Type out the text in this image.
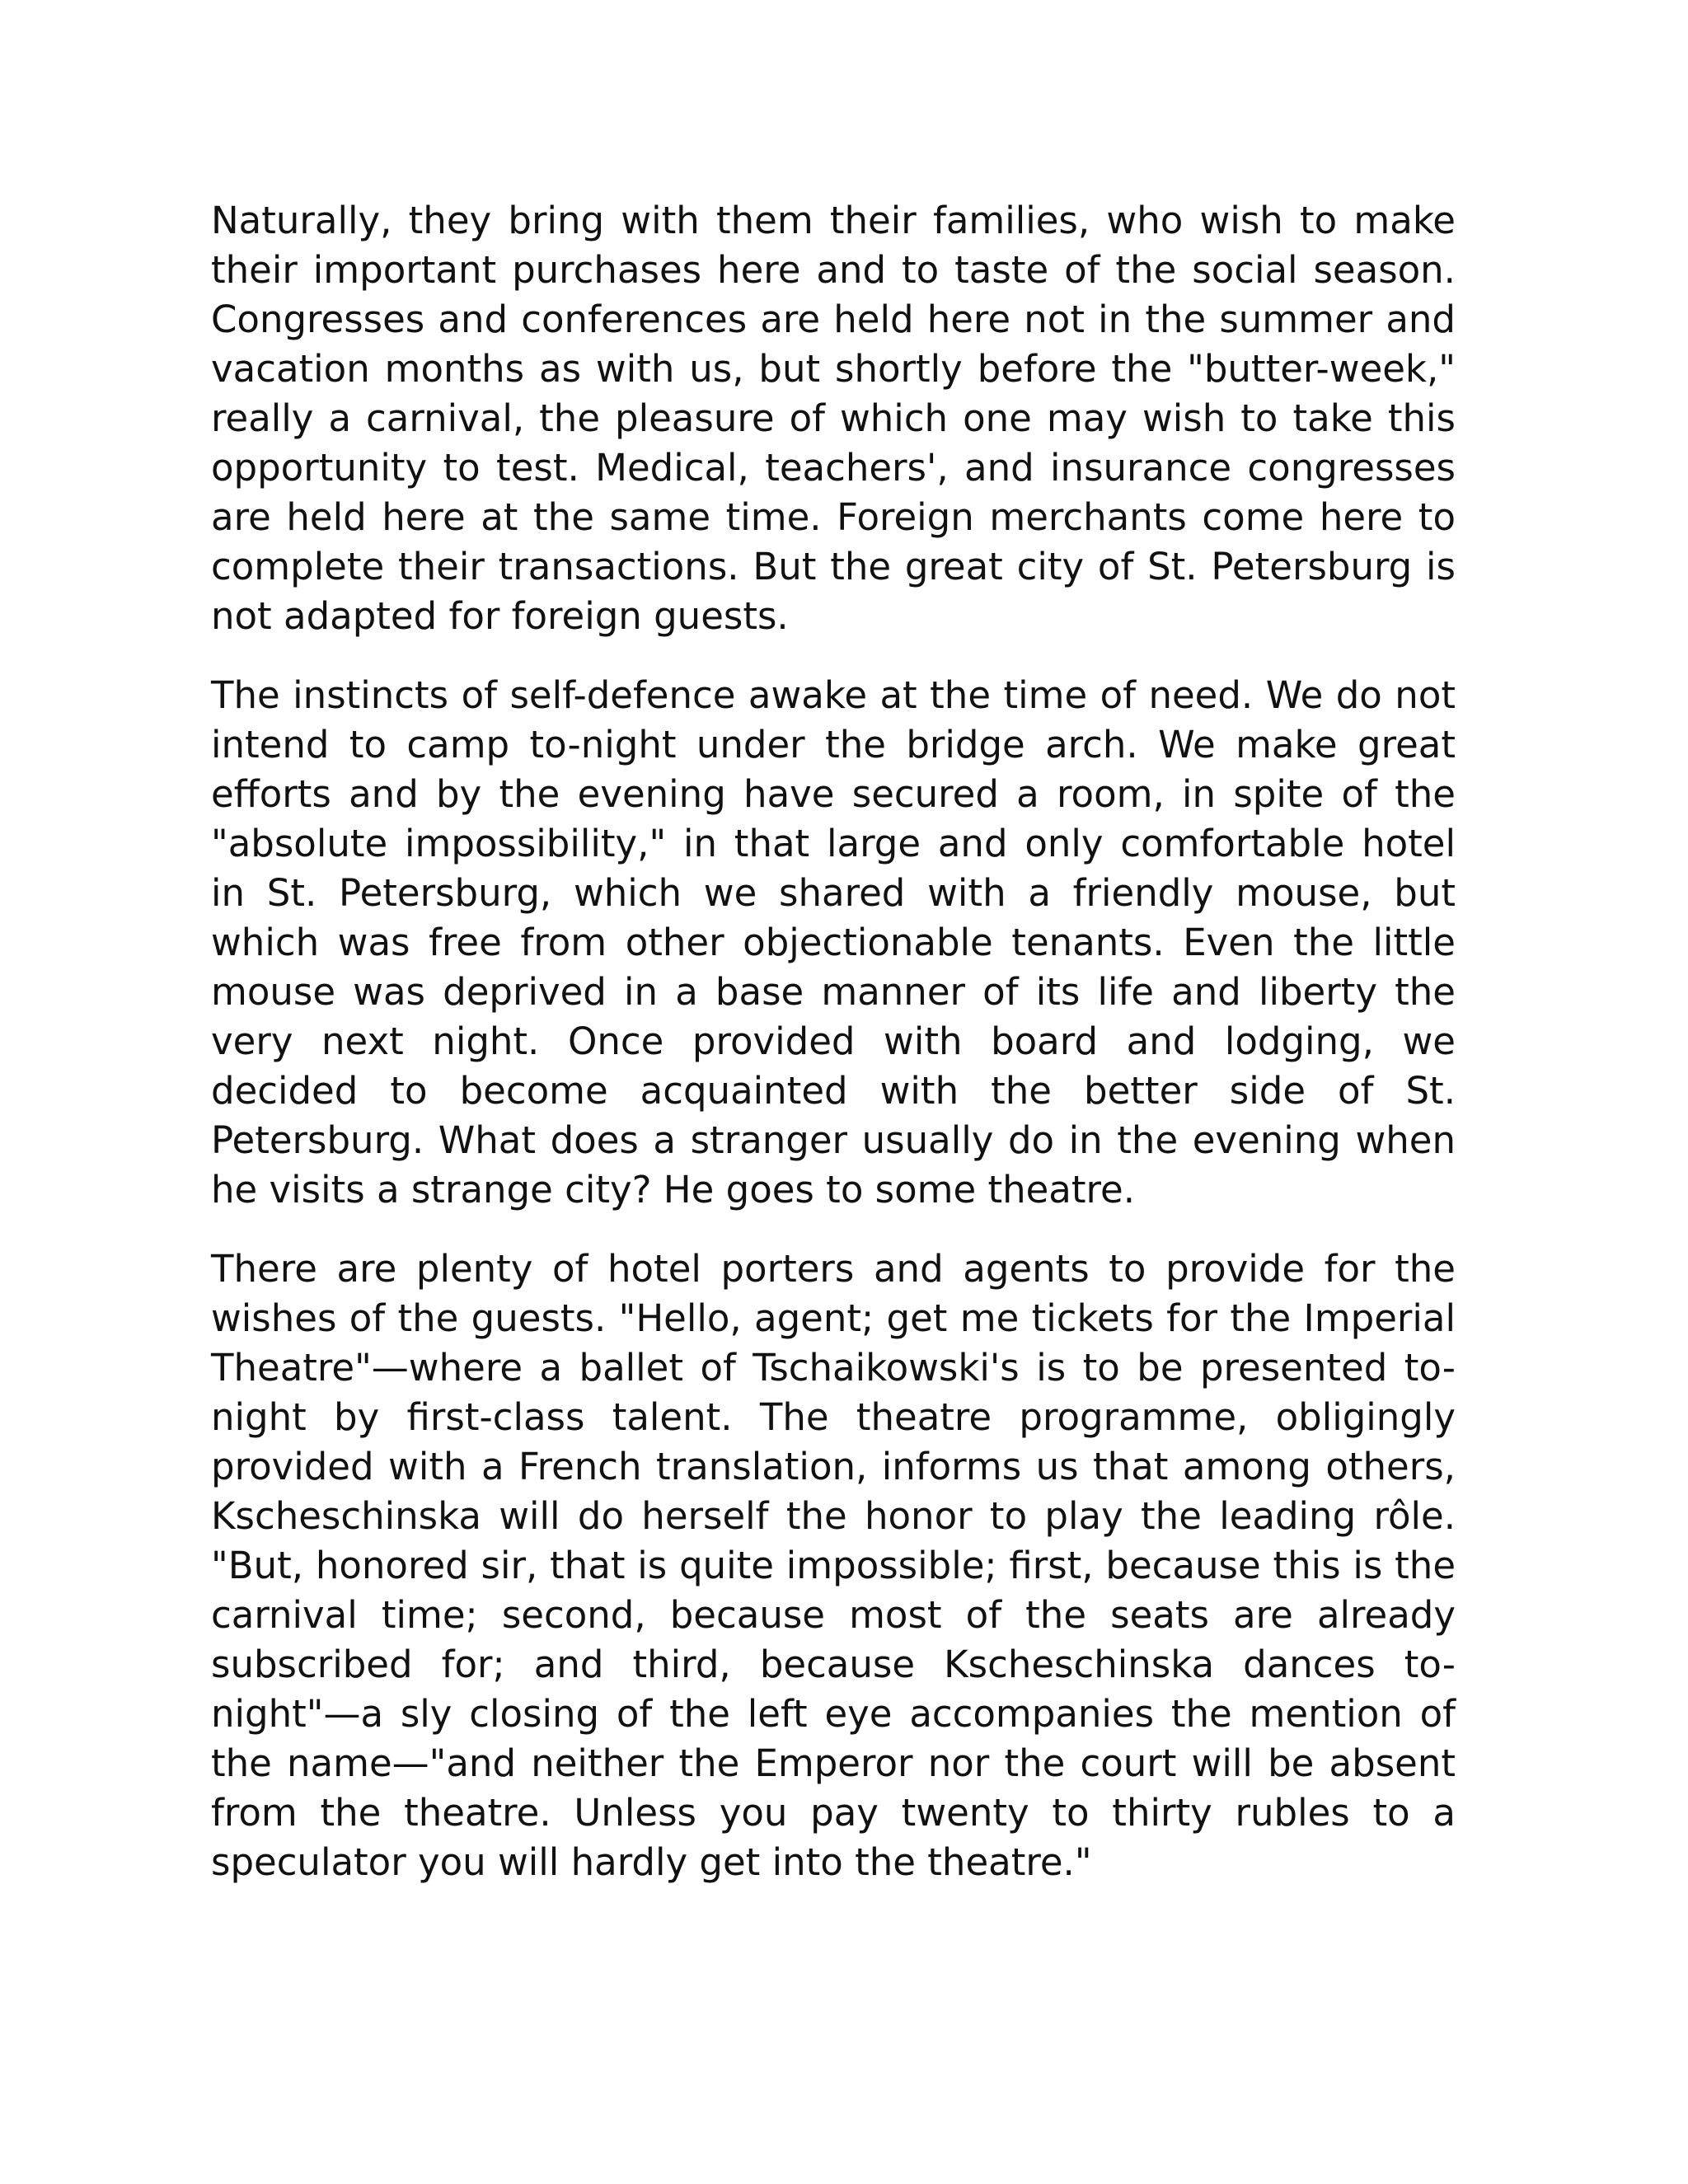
Naturally, they bring with them their families, who wish to make their important purchases here and to taste of the social season. Congresses and conferences are held here not in the summer and vacation months as with us, but shortly before the "butter-week," really a carnival, the pleasure of which one may wish to take this opportunity to test. Medical, teachers', and insurance congresses are held here at the same time. Foreign merchants come here to complete their transactions. But the great city of St. Petersburg is not adapted for foreign guests.

The instincts of self-defence awake at the time of need. We do not intend to camp to-night under the bridge arch. We make great efforts and by the evening have secured a room, in spite of the "absolute impossibility," in that large and only comfortable hotel in St. Petersburg, which we shared with a friendly mouse, but which was free from other objectionable tenants. Even the little mouse was deprived in a base manner of its life and liberty the very next night. Once provided with board and lodging, we decided to become acquainted with the better side of St. Petersburg. What does a stranger usually do in the evening when he visits a strange city? He goes to some theatre.

There are plenty of hotel porters and agents to provide for the wishes of the guests. "Hello, agent; get me tickets for the Imperial Theatre"—where a ballet of Tschaikowski's is to be presented to-night by first-class talent. The theatre programme, obligingly provided with a French translation, informs us that among others, Kscheschinska will do herself the honor to play the leading rôle. "But, honored sir, that is quite impossible; first, because this is the carnival time; second, because most of the seats are already subscribed for; and third, because Kscheschinska dances to-night"—a sly closing of the left eye accompanies the mention of the name—"and neither the Emperor nor the court will be absent from the theatre. Unless you pay twenty to thirty rubles to a speculator you will hardly get into the theatre."
